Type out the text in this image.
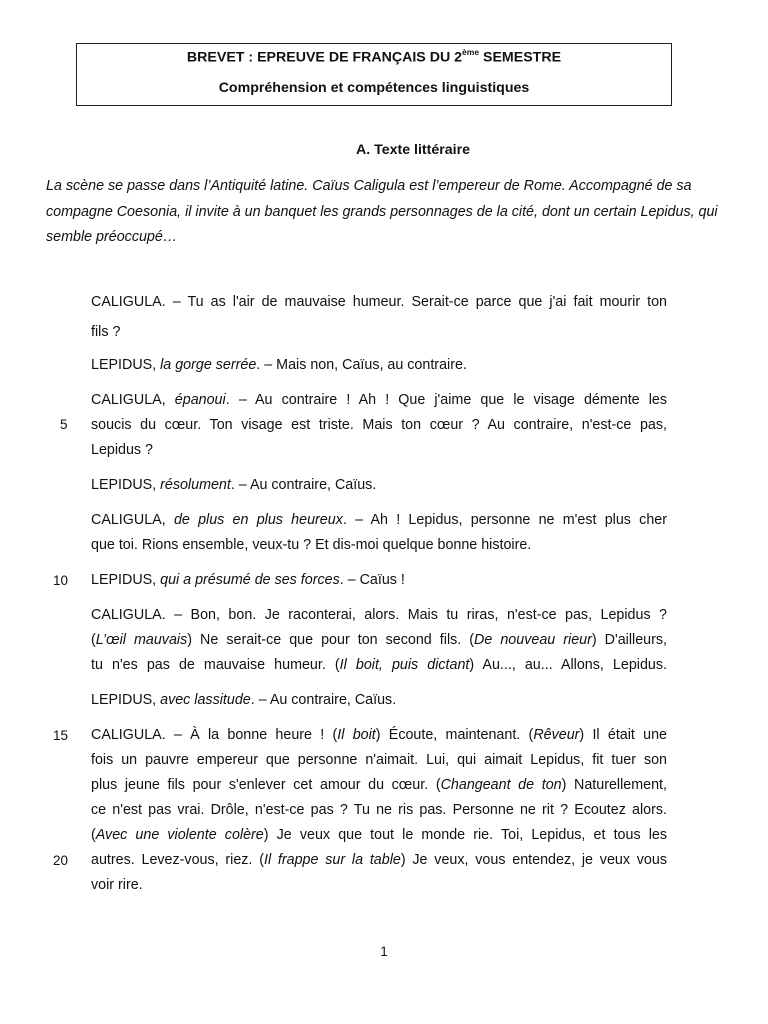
BREVET : EPREUVE DE FRANÇAIS DU 2ème SEMESTRE
Compréhension et compétences linguistiques
A. Texte littéraire
La scène se passe dans l’Antiquité latine. Caïus Caligula est l’empereur de Rome. Accompagné de sa compagne Coesonia, il invite à un banquet les grands personnages de la cité, dont un certain Lepidus, qui semble préoccupé…
CALIGULA. – Tu as l'air de mauvaise humeur. Serait-ce parce que j'ai fait mourir ton
fils ?
LEPIDUS, la gorge serrée. – Mais non, Caïus, au contraire.
CALIGULA, épanoui. – Au contraire ! Ah ! Que j'aime que le visage démente les
soucis du cœur. Ton visage est triste. Mais ton cœur ? Au contraire, n'est-ce pas,
Lepidus ?
LEPIDUS, résolument. – Au contraire, Caïus.
CALIGULA, de plus en plus heureux. – Ah ! Lepidus, personne ne m'est plus cher
que toi. Rions ensemble, veux-tu ? Et dis-moi quelque bonne histoire.
LEPIDUS, qui a présumé de ses forces. – Caïus !
CALIGULA. – Bon, bon. Je raconterai, alors. Mais tu riras, n'est-ce pas, Lepidus ?
(L’œil mauvais) Ne serait-ce que pour ton second fils. (De nouveau rieur) D'ailleurs,
tu n'es pas de mauvaise humeur. (Il boit, puis dictant) Au..., au... Allons, Lepidus.
LEPIDUS, avec lassitude. – Au contraire, Caïus.
CALIGULA. – À la bonne heure ! (Il boit) Écoute, maintenant. (Rêveur) Il était une
fois un pauvre empereur que personne n'aimait. Lui, qui aimait Lepidus, fit tuer son
plus jeune fils pour s'enlever cet amour du cœur. (Changeant de ton) Naturellement,
ce n'est pas vrai. Drôle, n'est-ce pas ? Tu ne ris pas. Personne ne rit ? Ecoutez alors.
(Avec une violente colère) Je veux que tout le monde rie. Toi, Lepidus, et tous les
autres. Levez-vous, riez. (Il frappe sur la table) Je veux, vous entendez, je veux vous
voir rire.
5
10
15
20
1
